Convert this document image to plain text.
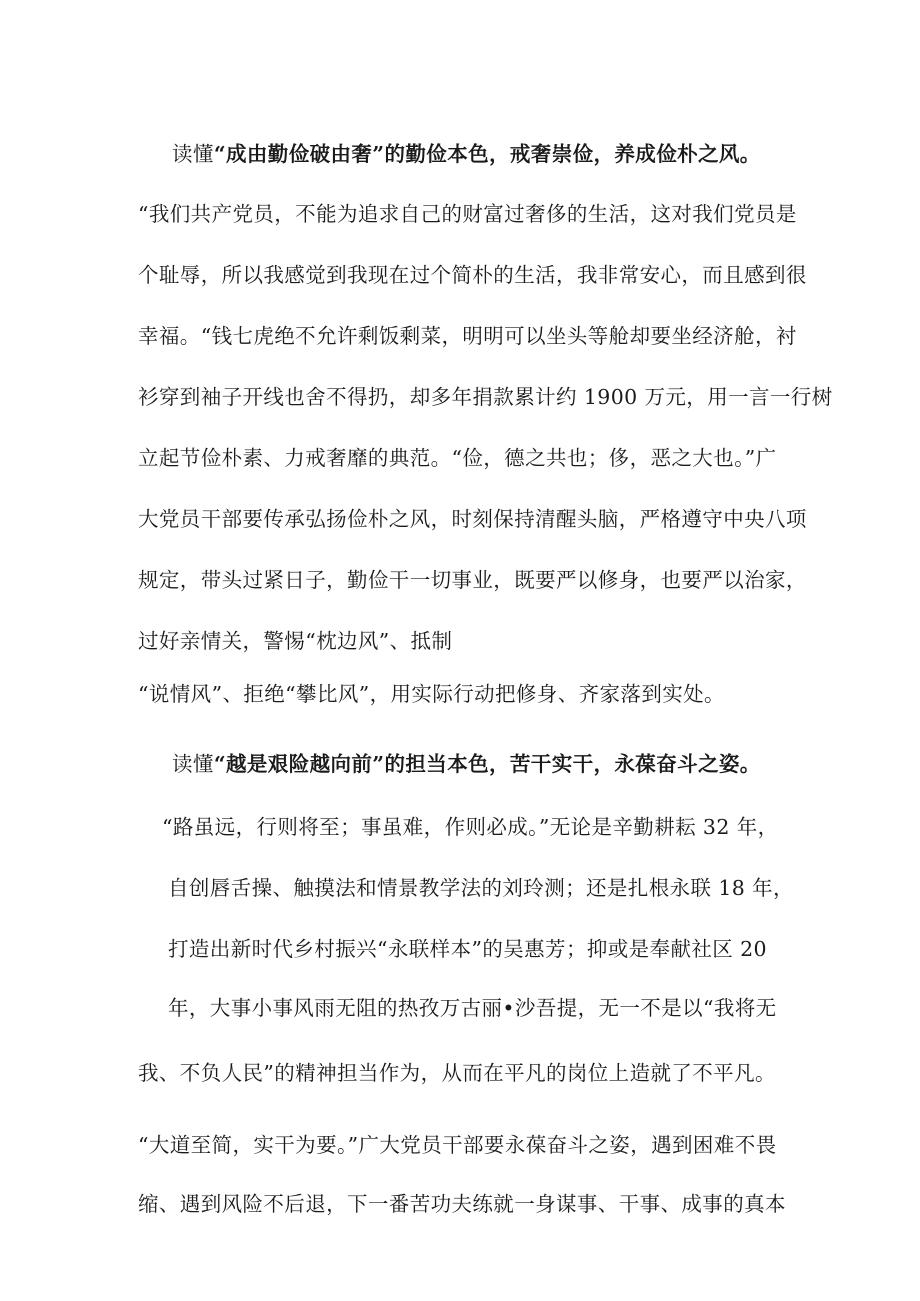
读懂“成由勤俭破由奢”的勤俭本色，戒奢崇俭，养成俭朴之风。
“我们共产党员，不能为追求自己的财富过奢侈的生活，这对我们党员是
个耻辱，所以我感觉到我现在过个简朴的生活，我非常安心，而且感到很
幸福。“钱七虎绝不允许剩饭剩菜，明明可以坐头等舱却要坐经济舱，衬
衫穿到袖子开线也舍不得扔，却多年捐款累计约 1900 万元，用一言一行树
立起节俭朴素、力戒奢靡的典范。“俭，德之共也；侈，恶之大也。”广
大党员干部要传承弘扬俭朴之风，时刻保持清醒头脑，严格遵守中央八项
规定，带头过紧日子，勤俭干一切事业，既要严以修身，也要严以治家，
过好亲情关，警惕“枕边风”、抵制
“说情风”、拒绝“攀比风”，用实际行动把修身、齐家落到实处。
读懂“越是艰险越向前”的担当本色，苦干实干，永葆奋斗之姿。
“路虽远，行则将至；事虽难，作则必成。”无论是辛勤耕耘 32 年，
自创唇舌操、触摸法和情景教学法的刘玲测；还是扎根永联 18 年，
打造出新时代乡村振兴“永联样本”的吴惠芳；抑或是奉献社区 20
年，大事小事风雨无阻的热孜万古丽•沙吾提，无一不是以“我将无
我、不负人民”的精神担当作为，从而在平凡的岗位上造就了不平凡。
“大道至简，实干为要。”广大党员干部要永葆奋斗之姿，遇到困难不畏
缩、遇到风险不后退，下一番苦功夫练就一身谋事、干事、成事的真本
